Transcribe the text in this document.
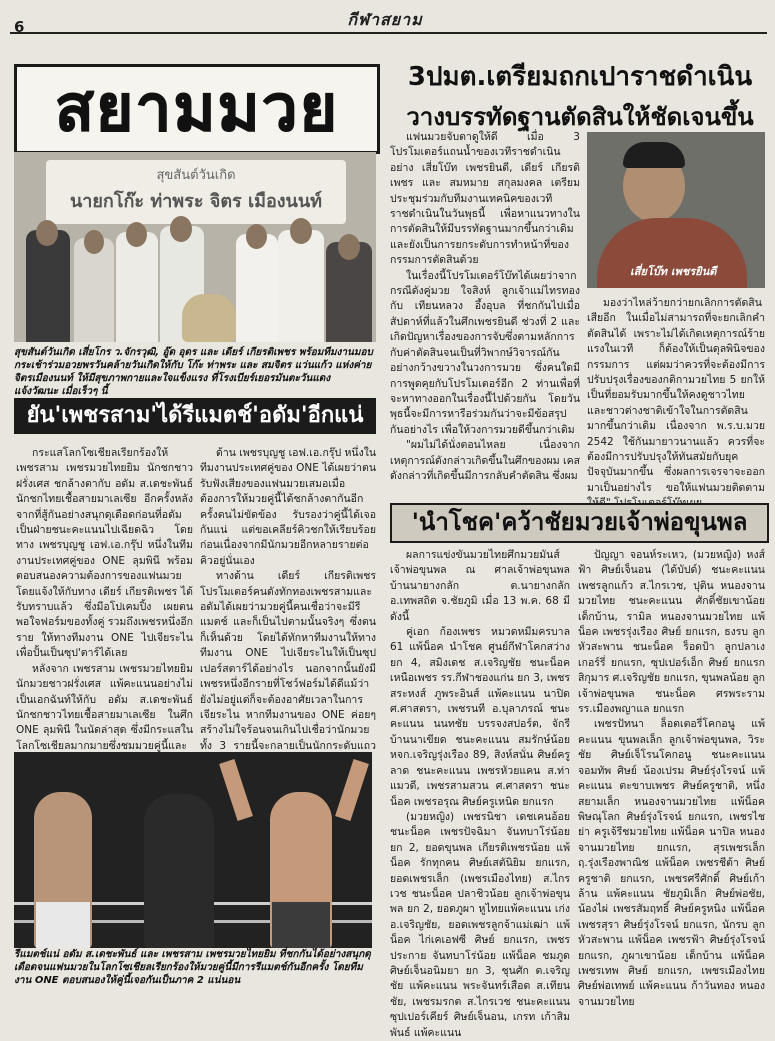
6	กีฬาสยาม
สยามมวย	3ปมต.เตรียมถกเปาราชดำเนิน
วางบรรทัดฐานตัดสินให้ชัดเจนขึ้น
สุขสันต์วันเกิด
นายกโก๊ะ ท่าพระ จิตร เมืองนนท์
สุขสันต์วันเกิด เสี่ยโกร ว.จักรวุฒิ, อู๊ด อุดร และ เดียร์ เกียรติเพชร พร้อมทีมงานมอบกระเช้าร่วมอวยพรวันคล้ายวันเกิดให้กับ โก๊ะ ท่าพระ และ สมจิตร แว่นแก้ว แห่งค่ายจิตรเมืองนนท์ ให้มีสุขภาพกายและใจแข็งแรง ที่โรงเบียร์เยอรมันตะวันแดง แจ้งวัฒนะ เมื่อเร็วๆ นี้
เสี่ยโบ๊ท เพชรยินดี

แฟนมวยจับตาดูให้ดี เมื่อ 3 โปรโมเตอร์แถนน้ำของเวทีราชดำเนิน อย่าง เสี่ยโบ๊ท เพชรยินดี, เดียร์ เกียรติเพชร และ สมหมาย สกุลมงคล เตรียมประชุมร่วมกับทีมงานเทคนิคของเวทีราชดำเนินในวันพุธนี้ เพื่อหาแนวทางในการตัดสินให้มีบรรทัดฐานมากขึ้นกว่าเดิม และยังเป็นการยกระดับการทำหน้าที่ของกรรมการตัดสินด้วย

ในเรื่องนี้โปรโมเตอร์โบ๊ทได้เผยว่าจากกรณีดังคู่มวย ใจสิงห์ ลูกเจ้าแม่ไทรทอง กับ เทียนหลวง อึ้งอุบล ที่ชกกันไปเมื่อสัปดาห์ที่แล้วในศึกเพชรยินดี ช่วงที่ 2 และเกิดปัญหาเรื่องของการจับซึ่งตามหลักการกับค่าตัดสินจนเป็นที่วิพากษ์วิจารณ์กันอย่างกว้างขวางในวงการมวย ซึ่งคนใดมีการพูดคุยกับโปรโมเตอร์อีก 2 ท่านเพื่อที่จะหาทางออกในเรื่องนี้ไปด้วยกัน โดยวันพุธนี้จะมีการหารือร่วมกันว่าจะมีข้อสรุปกันอย่างไร เพื่อให้วงการมวยดีขึ้นกว่าเดิม

"ผมไม่ได้นั่งตอนไหลย เนื่องจากเหตุการณ์ดังกล่าวเกิดขึ้นในศึกของผม เคสดังกล่าวที่เกิดขึ้นมีการกลับคำตัดสิน ซึ่งผม

มองว่าไหล่ว้ายกว่ายกเลิกการตัดสินเสียอีก ในเมื่อไม่สามารถที่จะยกเลิกคำตัดสินได้ เพราะไม่ได้เกิดเหตุการณ์ร้ายแรงในเวที ก็ต้องให้เป็นดุลพินิจของกรรมการ แต่ผมว่าควรที่จะต้องมีการปรับปรุงเรื่องของกติกามวยไทย 5 ยกให้เป็นที่ยอมรับมากขึ้นให้คงดูชาวไทย และชาวต่างชาติเข้าใจในการตัดสินมากขึ้นกว่าเดิม เนื่องจาก พ.ร.บ.มวย 2542 ใช้กันมายาวนานแล้ว ควรที่จะต้องมีการปรับปรุงให้ทันสมัยกับยุคปัจจุบันมากขึ้น ซึ่งผลการเจรจาจะออกมาเป็นอย่างไร ขอให้แฟนมวยติดตาม

ยัน'เพชรสาม'ได้รีแมตช์'อดัม'อีกแน่

กระแสโลกโซเชียลเรียกร้องให้ เพชรสาม เพชรมวยไทยยิม นักชกชาวฝรั่งเศส ชกล้างตากับ อดัม ส.เดชะพันธ์ นักชกไทยเชื้อสายมาเลเซีย อีกครั้งหลังจากที่สู้กันอย่างสนุกดุเดือดก่อนที่อดัมเป็นฝ่ายชนะคะแนนไปเฉียดฉิว โดยทาง เพชรบุญชู เอฟ.เอ.กรุ๊ป หนึ่งในทีมงานประเทศคู่ของ ONE ลุมพินี พร้อมตอบสนองความต้องการของแฟนมวย โดยแจ้งให้กับทาง เดียร์ เกียรติเพชร ได้รับทราบแล้ว ซึ่งมีอโปเคมปิ้ง เผยตนพอใจฟอร์มของทั้งคู่ รวมถึงเพชรหนึ่งอีกราย ให้ทางทีมงาน ONE ไปเจียระไนเพื่อปั้นเป็นซุป'ตาร์ได้เลย

หลังจาก เพชรสาม เพชรมวยไทยยิม นักมวยชาวฝรั่งเศส แพ้คะแนนอย่างไม่เป็นเอกฉันท์ให้กับ อดัม ส.เดชะพันธ์ นักชกชาวไทยเชื้อสายมาเลเซีย ในศึก ONE ลุมพินี ในนัดล่าสุด ซึ่งมีกระแสในโลกโซเชียลมากมายซึ่งชมมวยคู่นี้และ

ด้าน เพชรบุญชู เอฟ.เอ.กรุ๊ป หนึ่งในทีมงานประเทศคู่ของ ONE ได้เผยว่าตนรับฟังเสียงของแฟนมวยเสมอเมื่อต้องการให้มวยคู่นี้ได้ชกล้างตากันอีกครั้งตนไม่ขัดข้อง รับรองว่าคู่นี้ได้เจอกันแน่ แต่ขอเคลียร์คิวชกให้เรียบร้อยก่อนเนื่องจากมีนักมวยอีกหลายรายต่อคิวอยู่นั่นเอง

ทางด้าน เดียร์ เกียรติเพชร โปรโมเตอร์คนดังทักทองเพชรสามและอดัมได้เผยว่ามวยคู่นี้คนเชื่อว่าจะมีรีแมตช์ และก็เป็นไปตามนั้นจริงๆ ซึ่งตนก็เห็นด้วย โดยได้ทักหาทีมงานให้ทางทีมงาน ONE ไปเจียระไนให้เป็นซุปเปอร์สตาร์ได้อย่างไร นอกจากนั้นยังมีเพชรหนึ่งอีกรายที่โชว์ฟอร์มได้ดีแม้ว่ายังไม่อยู่แต่ก็จะต้องอาศัยเวลาในการเจียระไน หากทีมงานของ ONE ค่อยๆ สร้างไม่ใจร้อนจนเกินไปเชื่อว่านักมวยทั้ง 3 รายนี้จะกลายเป็นนักกระดับแถว

รีแมตช์แน่ อดัม ส.เดชะพันธ์ และ เพชรสาม เพชรมวยไทยยิม ที่ชกกันได้อย่างสนุกดุเดือดจนแฟนมวยในโลกโซเชียลเรียกร้องให้มวยคู่นี้มีการรีแมตช์กันอีกครั้ง โดยทีมงาน ONE ตอบสนองให้คู่นี้เจอกันเป็นภาค 2 แน่นอน
'นำโชค'คว้าชัยมวยเจ้าพ่อขุนพล

ผลการแข่งขันมวยไทยศึกมวยมันส์ เจ้าพ่อขุนพล ณ ศาลเจ้าพ่อขุนพล บ้านนายางกลัก ต.นายางกลัก อ.เทพสถิต จ.ชัยภูมิ เมื่อ 13 พ.ค. 68 มีดังนี้

คู่เอก ก้องเพชร หมวดหมีมครบาล 61 แพ้น็อค นำโชค ศูนย์กีฬาโคกสว่าง ยก 4, สมิงเดช ส.เจริญชัย ชนะน็อค เหนือเพชร รร.กีฬาชองแก่น ยก 3, เพชรสระหงส์ ภูพระอินส์ แพ้คะแนน นาปิด ศ.ศาสตรา, เพชรนที อ.บุลาภรณ์ ชนะคะแนน นนทชัย บรรจงสปอร์ต, จักรี บ้านนาเขียด ชนะคะแนน สมรักษ์น้อย หจก.เจริญรุ่งเรือง 89, สิงห์สนั่น ศิษย์ครูลาด ชนะคะแนน เพชรหัวยแคน ส.ท่าแมวดี, เพชรสามสวน ศ.ศาสตรา ชนะน็อค เพชรอรุณ ศิษย์ครูเหนิด ยกแรก

(มวยหญิง) เพชรนิชา เดชเคนอ้อย ชนะน็อค เพชรปัจฉิมา จันทบาโร่น้อย ยก 2, ยอดขุนพล เกียรติเพชรน้อย แพ้น็อค รักทุกคน ศิษย์เสตันิยิม ยกแรก, ยอดเพชรเล็ก (เพชรเมืองไทย) ส.ไกรเวช ชนะน็อค ปลาชิวน้อย ลูกเจ้าพ่อขุนพล ยก 2, ยอดภูผา หูไทยแพ้คะแนน เก่ง อ.เจริญชัย, ยอดเพชรลูกจ้าแม่เฒ่า แพ้น็อค ไก่เคเอฟซี ศิษย์ ยกแรก, เพชรประกาย จันทบาโร่น้อย แพ้น็อค ชมภูดศิษย์เจ็นอนิมยา ยก 3, ชุนศัก ต.เจริญชัย แพ้คะแนน พระจันทร์เสือด ส.เทียนชัย, เพชรมรกต ส.ไกรเวช ชนะคะแนน ซุปเปอร์เคียร์ ศิษย์เจ็นอน, เกรท เก้าสิมพันธ์ แพ้คะแนน

ปัญญา จอนห์ระเหว, (มวยหญิง) หงส์ฟ้า ศิษย์เจ็นอน (ได้บัปด์) ชนะคะแนน เพชรลูกแก้ว ส.ไกรเวช, ปุติน หนองจานมวยไทย ชนะคะแนน ศักดิ์ชัยเขาน้อย เด็กบ้าน, รามิล หนองจานมวยไทย แพ้น็อค เพชรรุ่งเรือง ศิษย์ ยกแรก, ธงรบ ลูกหัวสะพาน ชนะน็อค ร็อดป้า ลูกปลาเงเกอร์รี่ ยกแรก, ซุปเปอร์เอ็ก ศิษย์ ยกแรก สิกุมาร ศ.เจริญชัย ยกแรก, ขุนพลน้อย ลูกเจ้าพ่อขุนพล ชนะน็อค ศรพระราม รร.เมืองพญาแล ยกแรก

เพชรปัทนา ล็อตเตอรี่โคกอนู แพ้คะแนน ขุนพลเล็ก ลูกเจ้าพ่อขุนพล, วิระชัย ศิษย์เจ็โรนโคกอนู ชนะคะแนน จอมทัพ ศิษย์ น้องเปรม ศิษย์รุ่งโรจน์ แพ้คะแนน ตะขาบเพชร ศิษย์ครูชาติ, หนึ่งสยามเล็ก หนองจานมวยไทย แพ้น็อค พิษณุโลก ศิษย์รุ่งโรจน์ ยกแรก, เพชรไชย่า ครูเจ้รีชมวยไทย แพ้น็อค นาปิล หนองจานมวยไทย ยกแรก, สุรเพชรเล็ก ฤ.รุ่งเรืองพาณิช แพ้น็อค เพชรชีต้า ศิษย์ครูชาติ ยกแรก, เพชรศรีศักดิ์ ศิษย์เก้าล้าน แพ้คะแนน ชัยภูมิเล็ก ศิษย์พ่อชัย, น้องไผ่ เพชรสัมฤทธิ์ ศิษย์ครูหนิง แพ้น็อค เพชรสุรา ศิษย์รุ่งโรจน์ ยกแรก, นักรบ ลูกหัวสะพาน แพ้น็อค เพชรฟ้า ศิษย์รุ่งโรจน์ ยกแรก, ภูผาเขาน้อย เด็กบ้าน แพ้น็อค เพชรเทพ ศิษย์ ยกแรก, เพชรเมืองไทย ศิษย์พ่อเทพย์ แพ้คะแนน ก้าวันทอง หนองจานมวยไทย
